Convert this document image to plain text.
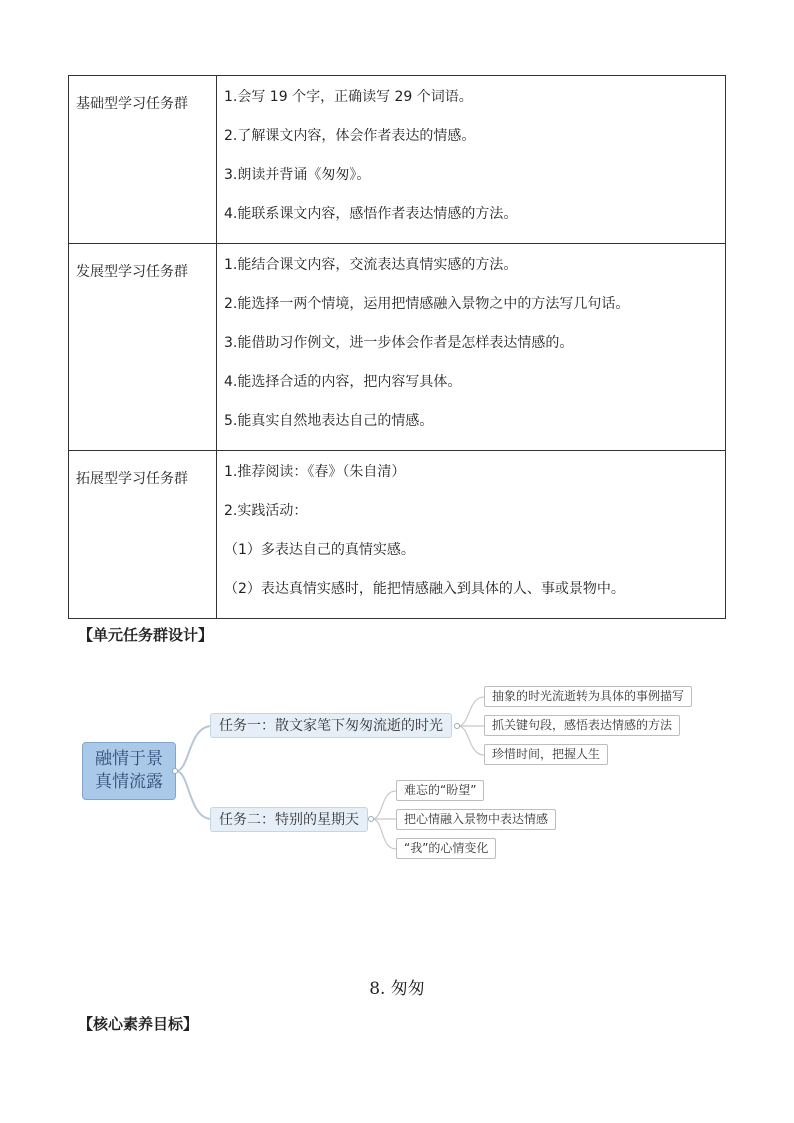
基础型学习任务群	1.会写 19 个字，正确读写 29 个词语。
2.了解课文内容，体会作者表达的情感。
3.朗读并背诵《匆匆》。
4.能联系课文内容，感悟作者表达情感的方法。

发展型学习任务群	1.能结合课文内容，交流表达真情实感的方法。
2.能选择一两个情境，运用把情感融入景物之中的方法写几句话。
3.能借助习作例文，进一步体会作者是怎样表达情感的。
4.能选择合适的内容，把内容写具体。
5.能真实自然地表达自己的情感。

拓展型学习任务群	1.推荐阅读：《春》（朱自清）
2.实践活动：
（1）多表达自己的真情实感。
（2）表达真情实感时，能把情感融入到具体的人、事或景物中。
【单元任务群设计】
融情于景
真情流露
任务一：散文家笔下匆匆流逝的时光
抽象的时光流逝转为具体的事例描写
抓关键句段，感悟表达情感的方法
珍惜时间，把握人生
任务二：特别的星期天
难忘的“盼望”
把心情融入景物中表达情感
“我”的心情变化
8. 匆匆
【核心素养目标】
